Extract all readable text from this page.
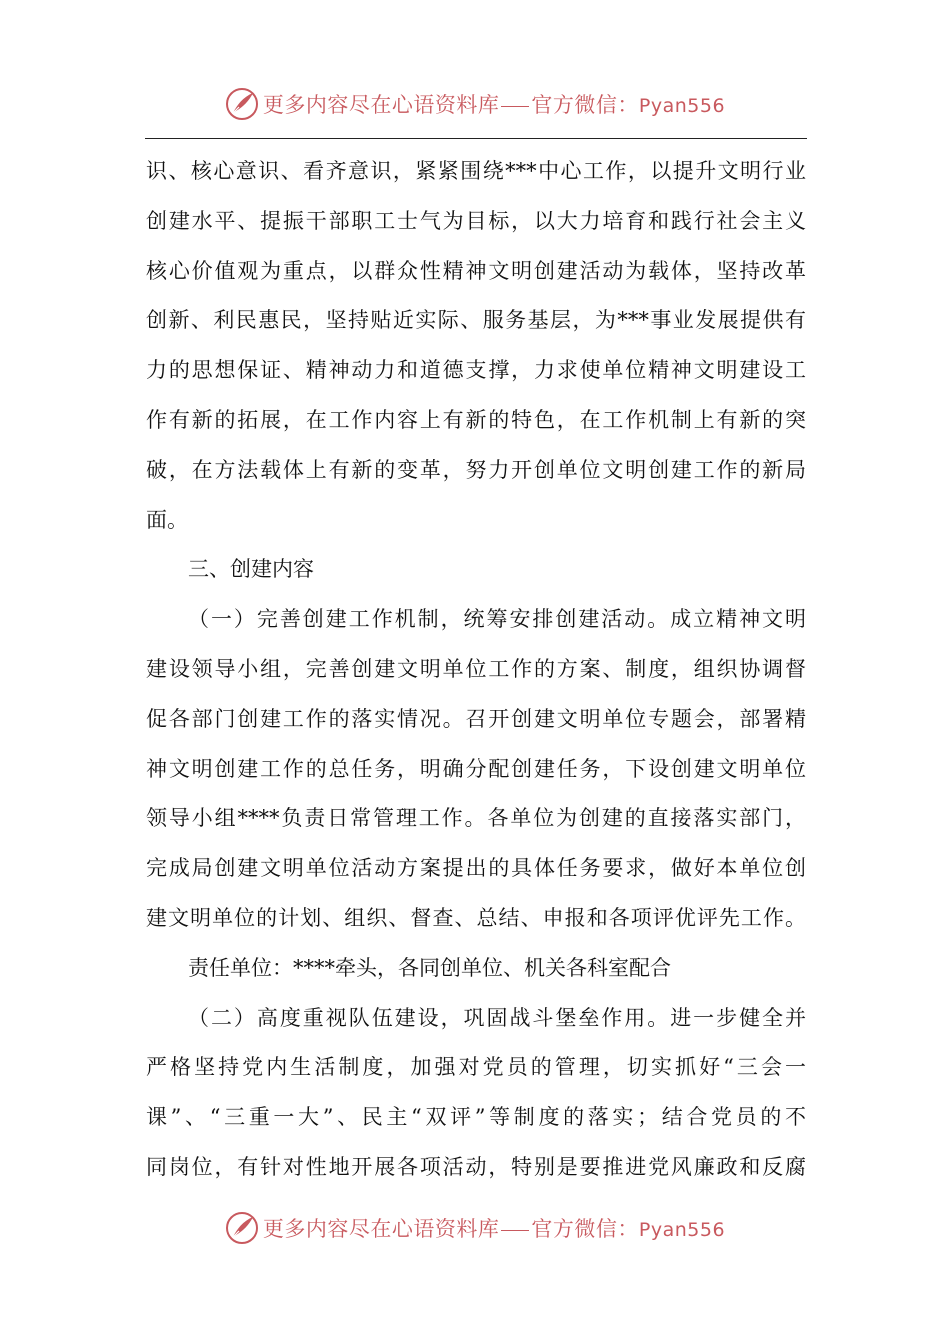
更多内容尽在心语资料库 官方微信：Pyan556
识、核心意识、看齐意识，紧紧围绕***中心工作，以提升文明行业
创建水平、提振干部职工士气为目标，以大力培育和践行社会主义
核心价值观为重点，以群众性精神文明创建活动为载体，坚持改革
创新、利民惠民，坚持贴近实际、服务基层，为***事业发展提供有
力的思想保证、精神动力和道德支撑，力求使单位精神文明建设工
作有新的拓展，在工作内容上有新的特色，在工作机制上有新的突
破，在方法载体上有新的变革，努力开创单位文明创建工作的新局
面。
三、创建内容
（一）完善创建工作机制，统筹安排创建活动。成立精神文明
建设领导小组，完善创建文明单位工作的方案、制度，组织协调督
促各部门创建工作的落实情况。召开创建文明单位专题会，部署精
神文明创建工作的总任务，明确分配创建任务，下设创建文明单位
领导小组****负责日常管理工作。各单位为创建的直接落实部门，
完成局创建文明单位活动方案提出的具体任务要求，做好本单位创
建文明单位的计划、组织、督查、总结、申报和各项评优评先工作。
责任单位：****牵头，各同创单位、机关各科室配合
（二）高度重视队伍建设，巩固战斗堡垒作用。进一步健全并
严格坚持党内生活制度，加强对党员的管理，切实抓好“三会一
课”、“三重一大”、民主“双评”等制度的落实；结合党员的不
同岗位，有针对性地开展各项活动，特别是要推进党风廉政和反腐
更多内容尽在心语资料库 官方微信：Pyan556
